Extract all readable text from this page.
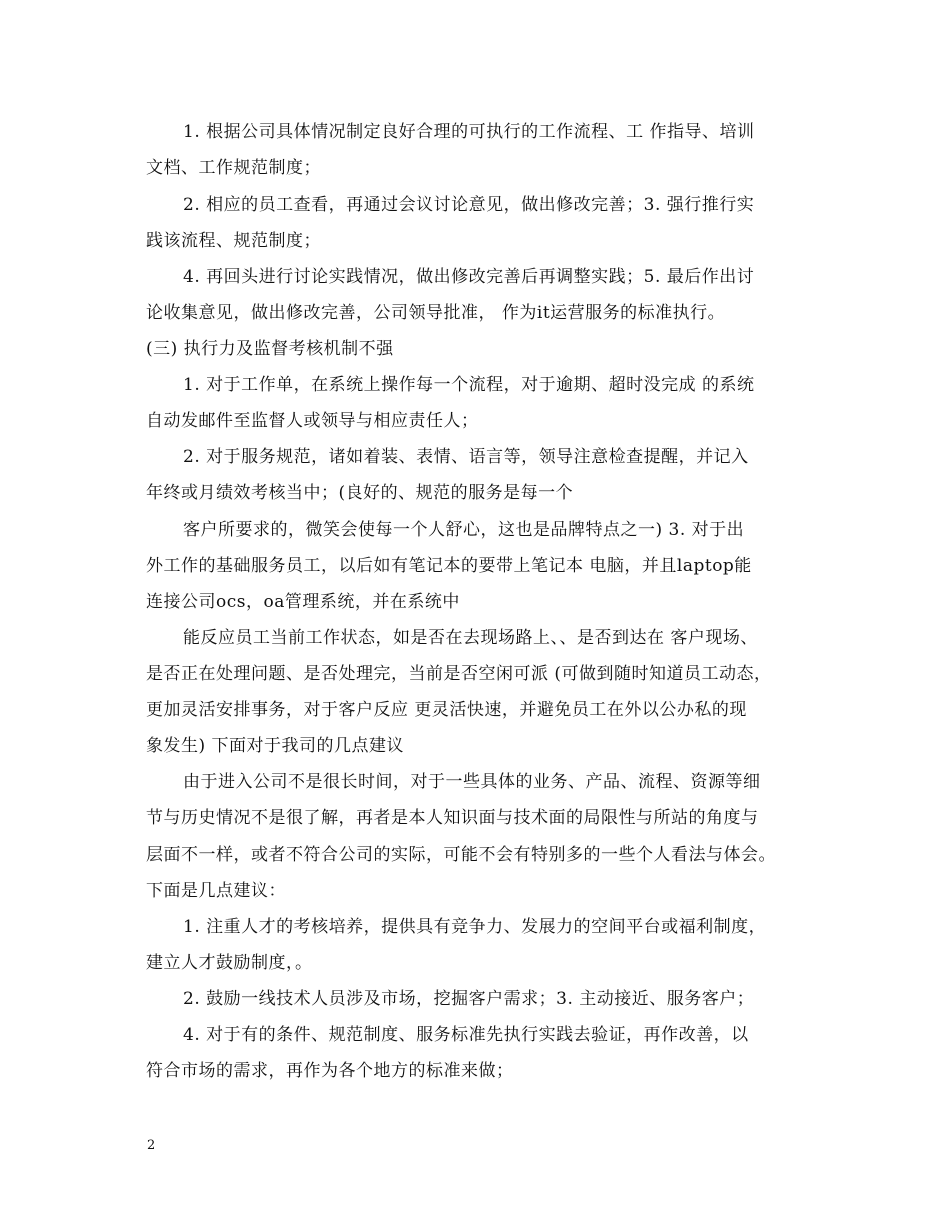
1. 根据公司具体情况制定良好合理的可执行的工作流程、工 作指导、培训
文档、工作规范制度；
2. 相应的员工查看，再通过会议讨论意见，做出修改完善；3. 强行推行实
践该流程、规范制度；
4. 再回头进行讨论实践情况，做出修改完善后再调整实践；5. 最后作出讨
论收集意见，做出修改完善，公司领导批准， 作为it运营服务的标准执行。
(三) 执行力及监督考核机制不强
1. 对于工作单，在系统上操作每一个流程，对于逾期、超时没完成 的系统
自动发邮件至监督人或领导与相应责任人；
2. 对于服务规范，诸如着装、表情、语言等，领导注意检查提醒，并记入
年终或月绩效考核当中；(良好的、规范的服务是每一个
客户所要求的，微笑会使每一个人舒心，这也是品牌特点之一) 3. 对于出
外工作的基础服务员工，以后如有笔记本的要带上笔记本 电脑，并且laptop能
连接公司ocs，oa管理系统，并在系统中
能反应员工当前工作状态，如是否在去现场路上、、是否到达在 客户现场、
是否正在处理问题、是否处理完，当前是否空闲可派 (可做到随时知道员工动态，
更加灵活安排事务，对于客户反应 更灵活快速，并避免员工在外以公办私的现
象发生) 下面对于我司的几点建议
由于进入公司不是很长时间，对于一些具体的业务、产品、流程、资源等细
节与历史情况不是很了解，再者是本人知识面与技术面的局限性与所站的角度与
层面不一样，或者不符合公司的实际，可能不会有特别多的一些个人看法与体会。
下面是几点建议：
1. 注重人才的考核培养，提供具有竞争力、发展力的空间平台或福利制度，
建立人才鼓励制度，。
2. 鼓励一线技术人员涉及市场，挖掘客户需求；3. 主动接近、服务客户；
4. 对于有的条件、规范制度、服务标准先执行实践去验证，再作改善，以
符合市场的需求，再作为各个地方的标准来做；
2
